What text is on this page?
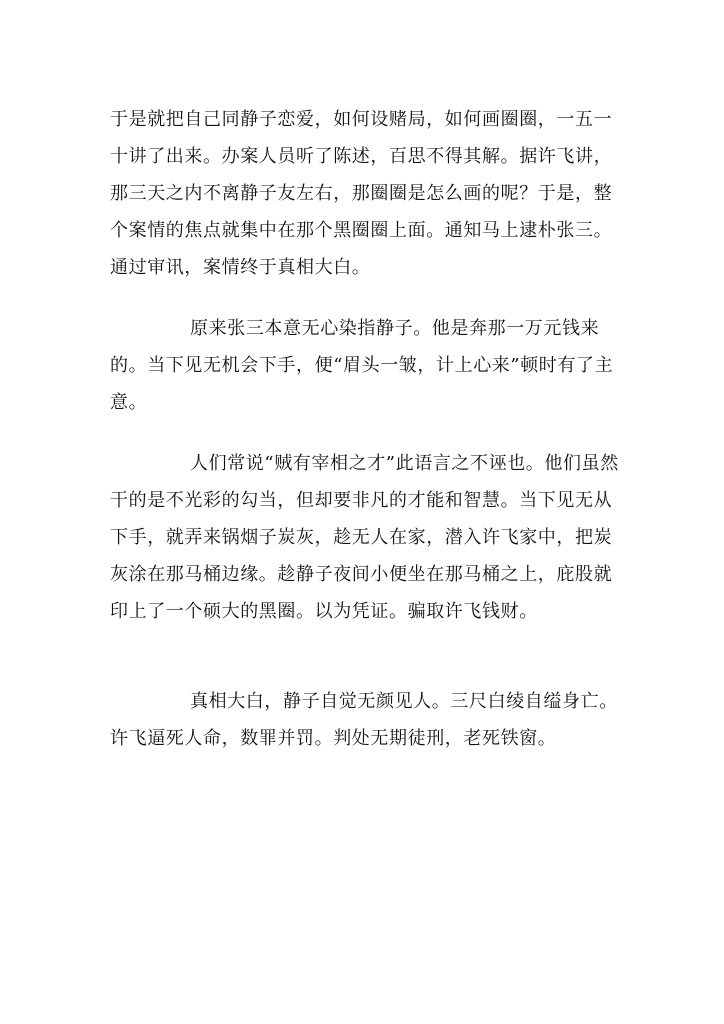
于是就把自己同静子恋爱，如何设赌局，如何画圈圈，一五一十讲了出来。办案人员听了陈述，百思不得其解。据许飞讲，那三天之内不离静子友左右，那圈圈是怎么画的呢？于是，整个案情的焦点就集中在那个黑圈圈上面。通知马上逮朴张三。通过审讯，案情终于真相大白。

原来张三本意无心染指静子。他是奔那一万元钱来的。当下见无机会下手，便“眉头一皱，计上心来”顿时有了主意。

人们常说“贼有宰相之才”此语言之不诬也。他们虽然干的是不光彩的勾当，但却要非凡的才能和智慧。当下见无从下手，就弄来锅烟子炭灰，趁无人在家，潜入许飞家中，把炭灰涂在那马桶边缘。趁静子夜间小便坐在那马桶之上，庇股就印上了一个硕大的黑圈。以为凭证。骗取许飞钱财。

真相大白，静子自觉无颜见人。三尺白绫自缢身亡。许飞逼死人命，数罪并罚。判处无期徒刑，老死铁窗。
